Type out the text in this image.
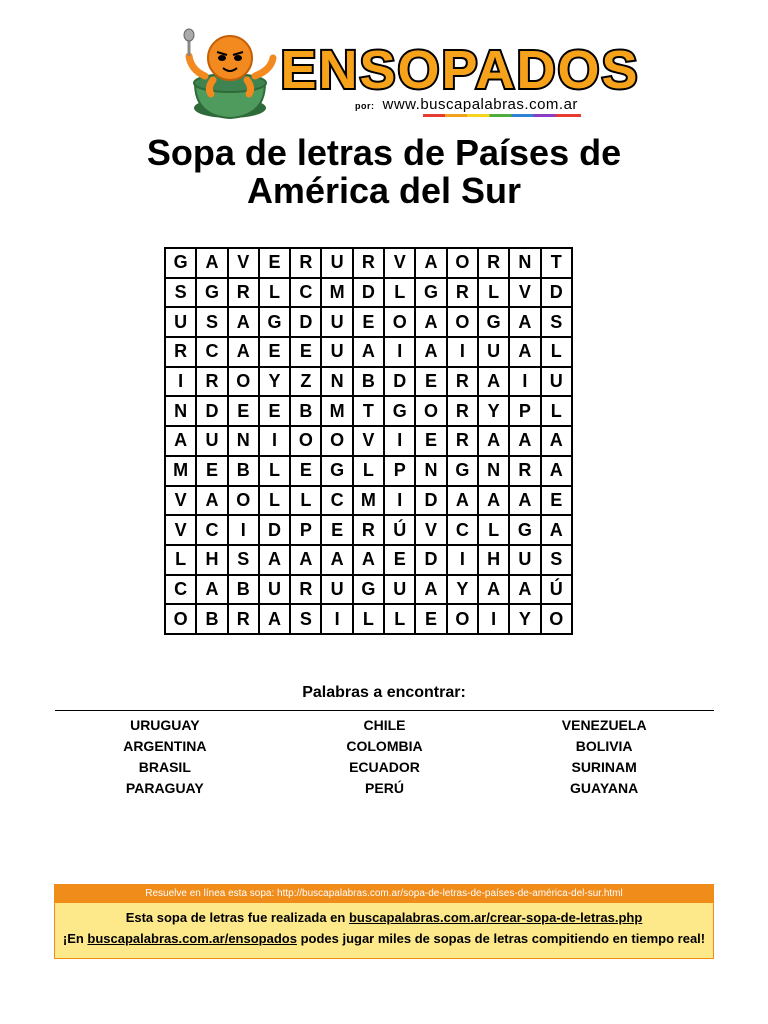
ENSOPADOS
por: www.buscapalabras.com.ar
Sopa de letras de Países de
América del Sur
G	A	V	E	R	U	R	V	A	O	R	N	T
S	G	R	L	C	M	D	L	G	R	L	V	D
U	S	A	G	D	U	E	O	A	O	G	A	S
R	C	A	E	E	U	A	I	A	I	U	A	L
I	R	O	Y	Z	N	B	D	E	R	A	I	U
N	D	E	E	B	M	T	G	O	R	Y	P	L
A	U	N	I	O	O	V	I	E	R	A	A	A
M	E	B	L	E	G	L	P	N	G	N	R	A
V	A	O	L	L	C	M	I	D	A	A	A	E
V	C	I	D	P	E	R	Ú	V	C	L	G	A
L	H	S	A	A	A	A	E	D	I	H	U	S
C	A	B	U	R	U	G	U	A	Y	A	A	Ú
O	B	R	A	S	I	L	L	E	O	I	Y	O
Palabras a encontrar:
URUGUAY	CHILE	VENEZUELA
ARGENTINA	COLOMBIA	BOLIVIA
BRASIL	ECUADOR	SURINAM
PARAGUAY	PERÚ	GUAYANA
Resuelve en línea esta sopa: http://buscapalabras.com.ar/sopa-de-letras-de-países-de-américa-del-sur.html
Esta sopa de letras fue realizada en buscapalabras.com.ar/crear-sopa-de-letras.php
¡En buscapalabras.com.ar/ensopados podes jugar miles de sopas de letras compitiendo en tiempo real!
